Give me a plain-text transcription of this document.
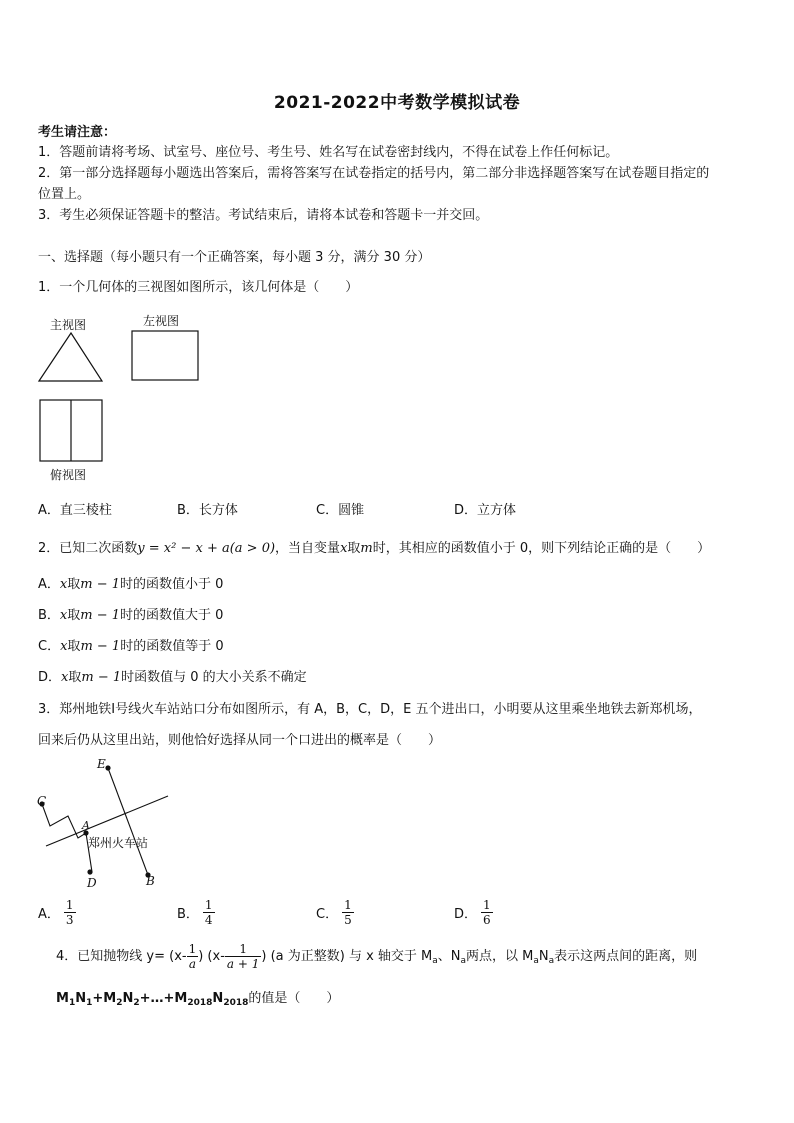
2021-2022中考数学模拟试卷
考生请注意：
1．答题前请将考场、试室号、座位号、考生号、姓名写在试卷密封线内，不得在试卷上作任何标记。
2．第一部分选择题每小题选出答案后，需将答案写在试卷指定的括号内，第二部分非选择题答案写在试卷题目指定的
位置上。
3．考生必须保证答题卡的整洁。考试结束后，请将本试卷和答题卡一并交回。
一、选择题（每小题只有一个正确答案，每小题 3 分，满分 30 分）
1．一个几何体的三视图如图所示，该几何体是（　　）
主视图	左视图
俯视图
A．直三棱柱	B．长方体	C．圆锥	D．立方体
2．已知二次函数y = x² − x + a(a > 0)，当自变量x取m时，其相应的函数值小于 0，则下列结论正确的是（　　）
A．x取m − 1时的函数值小于 0
B．x取m − 1时的函数值大于 0
C．x取m − 1时的函数值等于 0
D．x取m − 1时函数值与 0 的大小关系不确定
3．郑州地铁Ⅰ号线火车站站口分布如图所示，有 A，B，C，D，E 五个进出口，小明要从这里乘坐地铁去新郑机场，
回来后仍从这里出站，则他恰好选择从同一个口进出的概率是（　　）
C
A
D
E
B
郑州火车站
A． $\frac{1}{3}$	B． $\frac{1}{4}$	C． $\frac{1}{5}$	D． $\frac{1}{6}$
4．已知抛物线 $y= (x- \frac{1}{a}$ ) ($x- \frac{1}{a + 1}$ ) (a 为正整数) 与 x 轴交于 $M_a$、$N_a$两点，以 $M_aN_a$表示这两点间的距离，则
$M_1N_1+M_2N_2+\dots+M_{2018}N_{2018}$的值是（　　）
